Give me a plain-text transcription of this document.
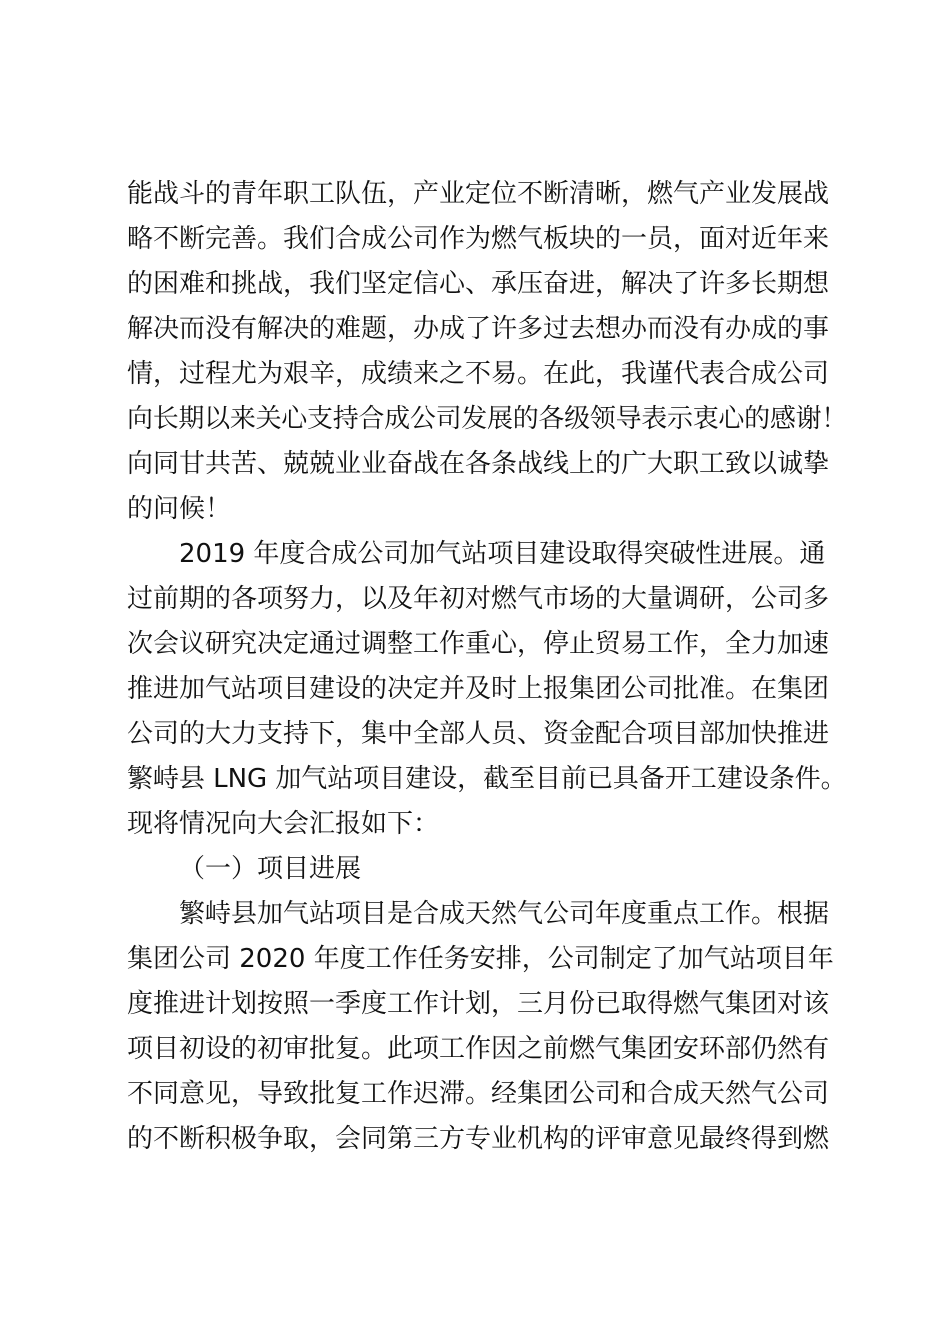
能战斗的青年职工队伍，产业定位不断清晰，燃气产业发展战
略不断完善。我们合成公司作为燃气板块的一员，面对近年来
的困难和挑战，我们坚定信心、承压奋进，解决了许多长期想
解决而没有解决的难题，办成了许多过去想办而没有办成的事
情，过程尤为艰辛，成绩来之不易。在此，我谨代表合成公司
向长期以来关心支持合成公司发展的各级领导表示衷心的感谢！
向同甘共苦、兢兢业业奋战在各条战线上的广大职工致以诚挚
的问候！
2019 年度合成公司加气站项目建设取得突破性进展。通
过前期的各项努力，以及年初对燃气市场的大量调研，公司多
次会议研究决定通过调整工作重心，停止贸易工作，全力加速
推进加气站项目建设的决定并及时上报集团公司批准。在集团
公司的大力支持下，集中全部人员、资金配合项目部加快推进
繁峙县 LNG 加气站项目建设，截至目前已具备开工建设条件。
现将情况向大会汇报如下：
（一）项目进展
繁峙县加气站项目是合成天然气公司年度重点工作。根据
集团公司 2020 年度工作任务安排，公司制定了加气站项目年
度推进计划按照一季度工作计划，三月份已取得燃气集团对该
项目初设的初审批复。此项工作因之前燃气集团安环部仍然有
不同意见，导致批复工作迟滞。经集团公司和合成天然气公司
的不断积极争取，会同第三方专业机构的评审意见最终得到燃
